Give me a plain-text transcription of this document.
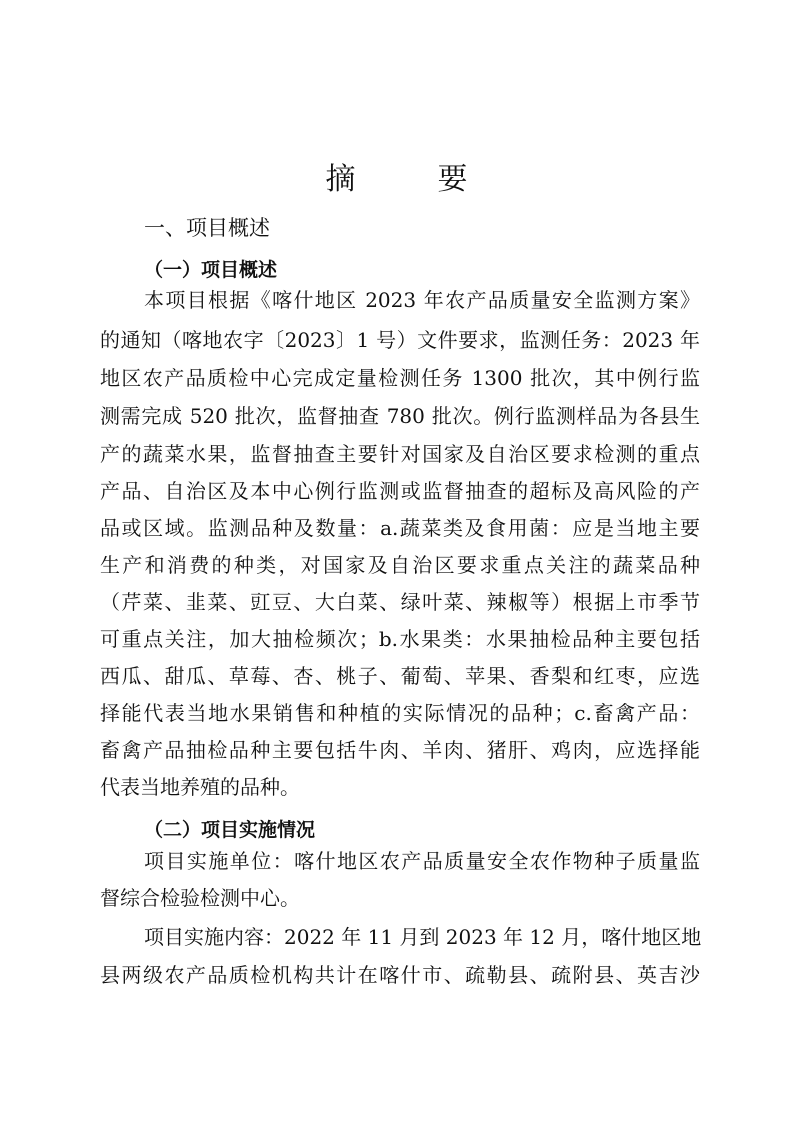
摘　要
一、项目概述
（一）项目概述
本项目根据《喀什地区 2023 年农产品质量安全监测方案》
的通知（喀地农字〔2023〕1 号）文件要求，监测任务：2023 年
地区农产品质检中心完成定量检测任务 1300 批次，其中例行监
测需完成 520 批次，监督抽查 780 批次。例行监测样品为各县生
产的蔬菜水果，监督抽查主要针对国家及自治区要求检测的重点
产品、自治区及本中心例行监测或监督抽查的超标及高风险的产
品或区域。监测品种及数量：a.蔬菜类及食用菌：应是当地主要
生产和消费的种类，对国家及自治区要求重点关注的蔬菜品种
（芹菜、韭菜、豇豆、大白菜、绿叶菜、辣椒等）根据上市季节
可重点关注，加大抽检频次；b.水果类：水果抽检品种主要包括
西瓜、甜瓜、草莓、杏、桃子、葡萄、苹果、香梨和红枣，应选
择能代表当地水果销售和种植的实际情况的品种；c.畜禽产品：
畜禽产品抽检品种主要包括牛肉、羊肉、猪肝、鸡肉，应选择能
代表当地养殖的品种。
（二）项目实施情况
项目实施单位：喀什地区农产品质量安全农作物种子质量监
督综合检验检测中心。
项目实施内容：2022 年 11 月到 2023 年 12 月，喀什地区地
县两级农产品质检机构共计在喀什市、疏勒县、疏附县、英吉沙
